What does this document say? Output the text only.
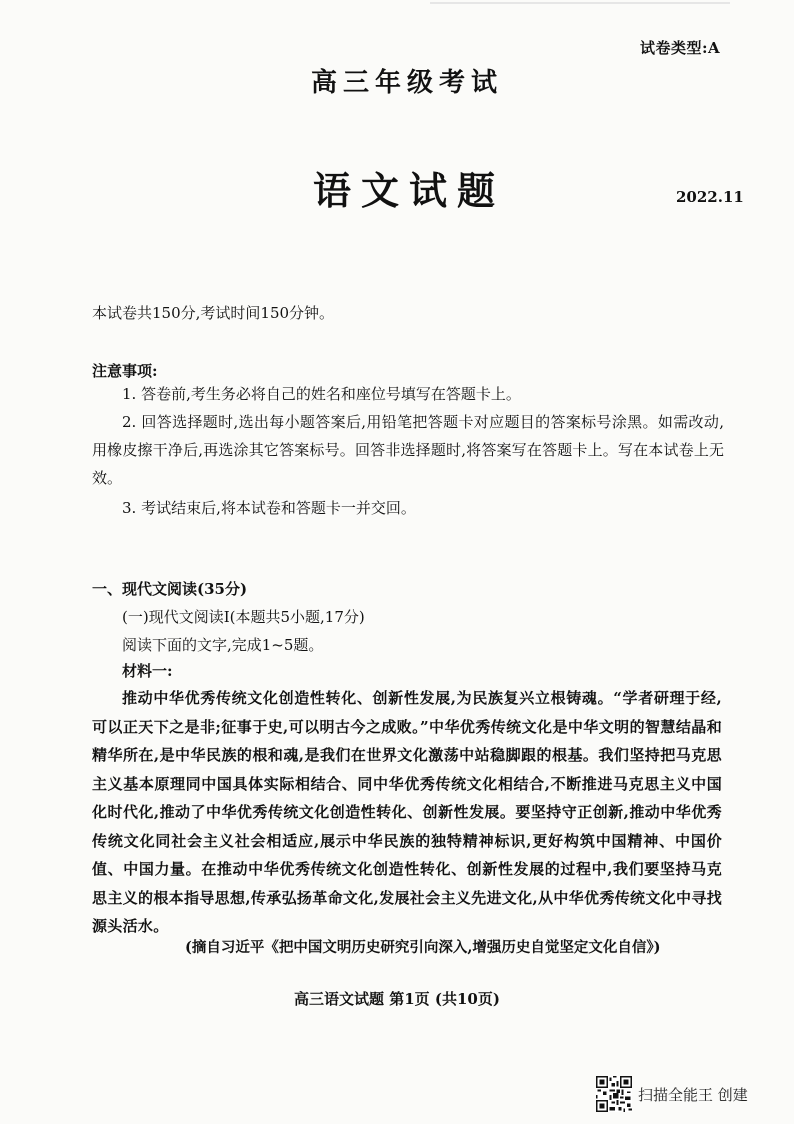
试卷类型:A
高三年级考试
语文试题	2022.11
本试卷共150分,考试时间150分钟。
注意事项:
1. 答卷前,考生务必将自己的姓名和座位号填写在答题卡上。
2. 回答选择题时,选出每小题答案后,用铅笔把答题卡对应题目的答案标号涂黑。如需改动,用橡皮擦干净后,再选涂其它答案标号。回答非选择题时,将答案写在答题卡上。写在本试卷上无效。
3. 考试结束后,将本试卷和答题卡一并交回。
一、现代文阅读(35分)
(一)现代文阅读Ⅰ(本题共5小题,17分)
阅读下面的文字,完成1~5题。
材料一:
推动中华优秀传统文化创造性转化、创新性发展,为民族复兴立根铸魂。“学者研理于经,可以正天下之是非;征事于史,可以明古今之成败。”中华优秀传统文化是中华文明的智慧结晶和精华所在,是中华民族的根和魂,是我们在世界文化激荡中站稳脚跟的根基。我们坚持把马克思主义基本原理同中国具体实际相结合、同中华优秀传统文化相结合,不断推进马克思主义中国化时代化,推动了中华优秀传统文化创造性转化、创新性发展。要坚持守正创新,推动中华优秀传统文化同社会主义社会相适应,展示中华民族的独特精神标识,更好构筑中国精神、中国价值、中国力量。在推动中华优秀传统文化创造性转化、创新性发展的过程中,我们要坚持马克思主义的根本指导思想,传承弘扬革命文化,发展社会主义先进文化,从中华优秀传统文化中寻找源头活水。
(摘自习近平《把中国文明历史研究引向深入,增强历史自觉坚定文化自信》)
高三语文试题 第1页 (共10页)
扫描全能王 创建
